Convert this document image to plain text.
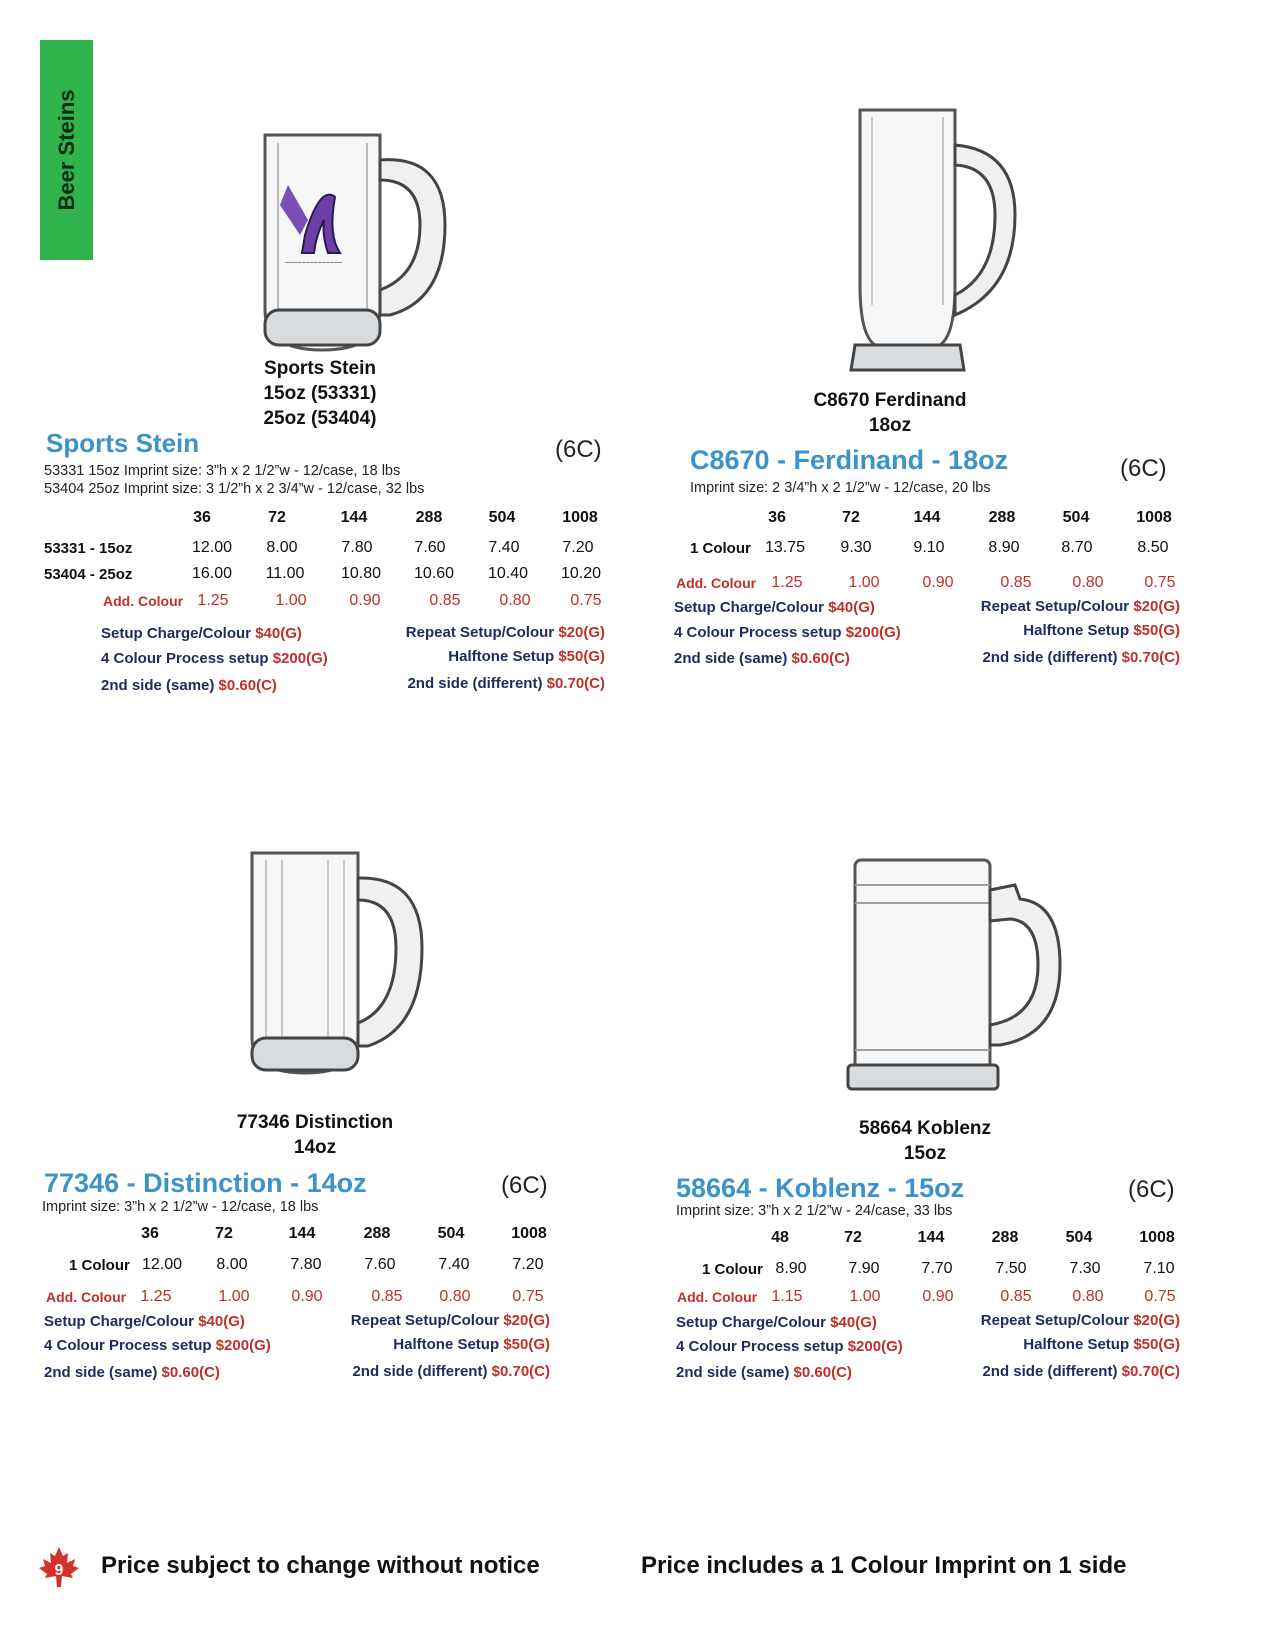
Beer Steins
~~~~~~~~~~~~~~
Sports Stein
15oz (53331)
25oz (53404)
Sports Stein	(6C)
53331 15oz Imprint size: 3”h x 2 1/2”w - 12/case, 18 lbs
53404 25oz Imprint size: 3 1/2”h x 2 3/4”w - 12/case, 32 lbs
36	72	144	288	504	1008
53331 - 15oz	12.00 8.00	7.80	7.60	7.40	7.20
53404 - 25oz	16.00 11.00 10.80 10.60 10.40 10.20
Add. Colour 1.25	1.00	0.90	0.85 0.80 0.75
Setup Charge/Colour $40(G)	Repeat Setup/Colour $20(G)
4 Colour Process setup $200(G)	Halftone Setup $50(G)
2nd side (same) $0.60(C)	2nd side (different) $0.70(C)
C8670 Ferdinand
18oz
C8670 - Ferdinand - 18oz	(6C)
Imprint size: 2 3/4”h x 2 1/2”w - 12/case, 20 lbs
36	72	144	288	504	1008
1 Colour 13.75 9.30	9.10	8.90	8.70	8.50
Add. Colour 1.25	1.00	0.90	0.85	0.80	0.75
Setup Charge/Colour $40(G)	Repeat Setup/Colour $20(G)
4 Colour Process setup $200(G)	Halftone Setup $50(G)
2nd side (same) $0.60(C)	2nd side (different) $0.70(C)
77346 Distinction
14oz
77346 - Distinction - 14oz	(6C)
Imprint size: 3”h x 2 1/2”w - 12/case, 18 lbs
36	72	144	288	504	1008
1 Colour 12.00 8.00	7.80	7.60	7.40	7.20
Add. Colour 1.25	1.00	0.90	0.85 0.80	0.75
Setup Charge/Colour $40(G)	Repeat Setup/Colour $20(G)
4 Colour Process setup $200(G)	Halftone Setup $50(G)
2nd side (same) $0.60(C)	2nd side (different) $0.70(C)
58664 Koblenz
15oz
58664 - Koblenz - 15oz	(6C)
Imprint size: 3”h x 2 1/2”w - 24/case, 33 lbs
48	72	144	288	504	1008
1 Colour 8.90	7.90	7.70	7.50	7.30	7.10
Add. Colour 1.15	1.00	0.90	0.85	0.80	0.75
Setup Charge/Colour $40(G)	Repeat Setup/Colour $20(G)
4 Colour Process setup $200(G)	Halftone Setup $50(G)
2nd side (same) $0.60(C)	2nd side (different) $0.70(C)
9 Price subject to change without notice	Price includes a 1 Colour Imprint on 1 side
